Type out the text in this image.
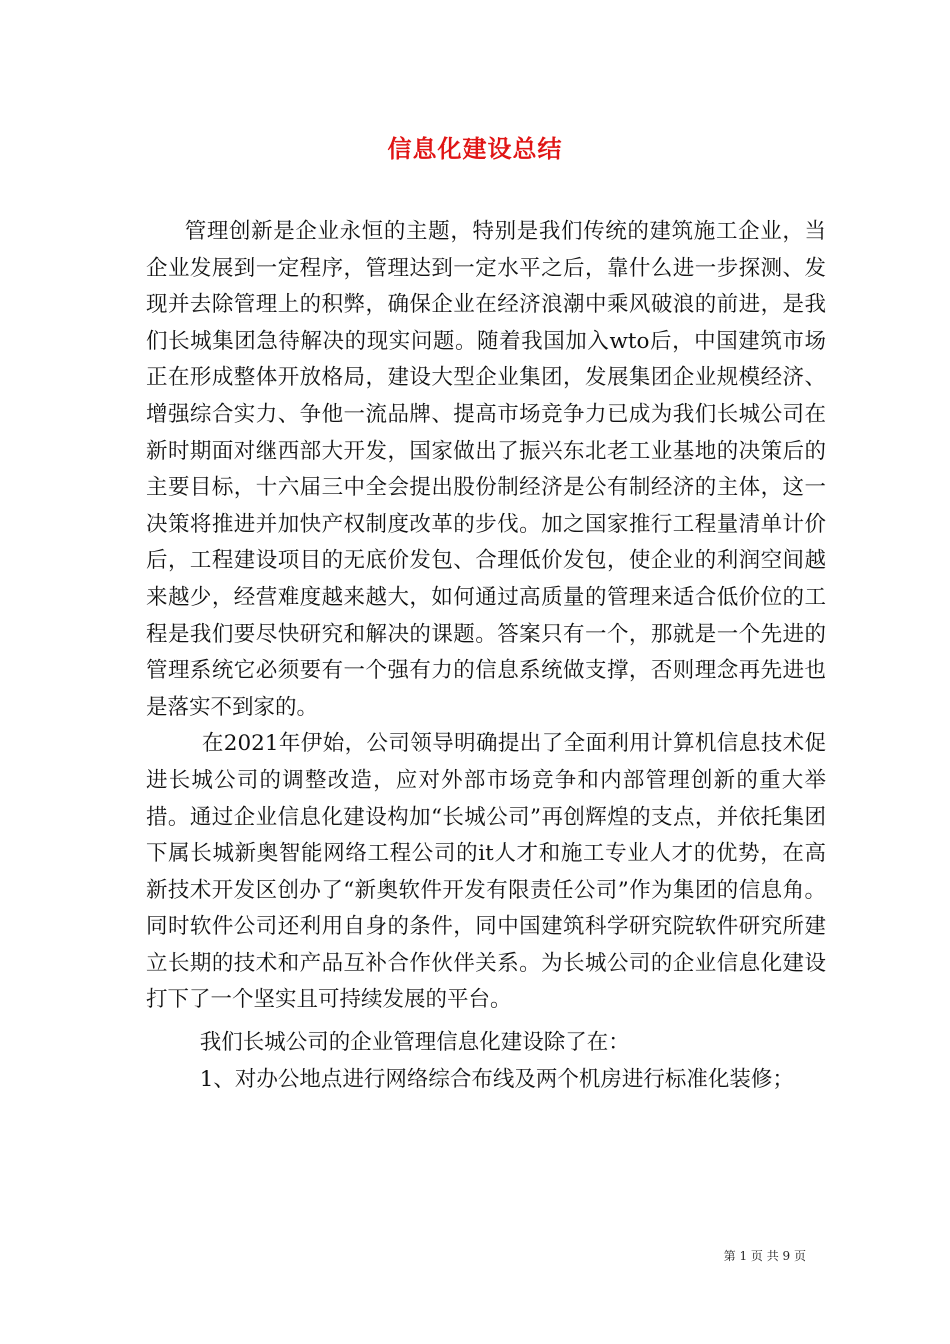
信息化建设总结

管理创新是企业永恒的主题，特别是我们传统的建筑施工企业，当企业发展到一定程序，管理达到一定水平之后，靠什么进一步探测、发现并去除管理上的积弊，确保企业在经济浪潮中乘风破浪的前进，是我们长城集团急待解决的现实问题。随着我国加入wto后，中国建筑市场正在形成整体开放格局，建设大型企业集团，发展集团企业规模经济、增强综合实力、争他一流品牌、提高市场竞争力已成为我们长城公司在新时期面对继西部大开发，国家做出了振兴东北老工业基地的决策后的主要目标，十六届三中全会提出股份制经济是公有制经济的主体，这一决策将推进并加快产权制度改革的步伐。加之国家推行工程量清单计价后，工程建设项目的无底价发包、合理低价发包，使企业的利润空间越来越少，经营难度越来越大，如何通过高质量的管理来适合低价位的工程是我们要尽快研究和解决的课题。答案只有一个，那就是一个先进的管理系统它必须要有一个强有力的信息系统做支撑，否则理念再先进也是落实不到家的。

在2021年伊始，公司领导明确提出了全面利用计算机信息技术促进长城公司的调整改造，应对外部市场竞争和内部管理创新的重大举措。通过企业信息化建设构加“长城公司”再创辉煌的支点，并依托集团下属长城新奥智能网络工程公司的it人才和施工专业人才的优势，在高新技术开发区创办了“新奥软件开发有限责任公司”作为集团的信息角。同时软件公司还利用自身的条件，同中国建筑科学研究院软件研究所建立长期的技术和产品互补合作伙伴关系。为长城公司的企业信息化建设打下了一个坚实且可持续发展的平台。

我们长城公司的企业管理信息化建设除了在：

1、对办公地点进行网络综合布线及两个机房进行标准化装修；

第 1 页 共 9 页
